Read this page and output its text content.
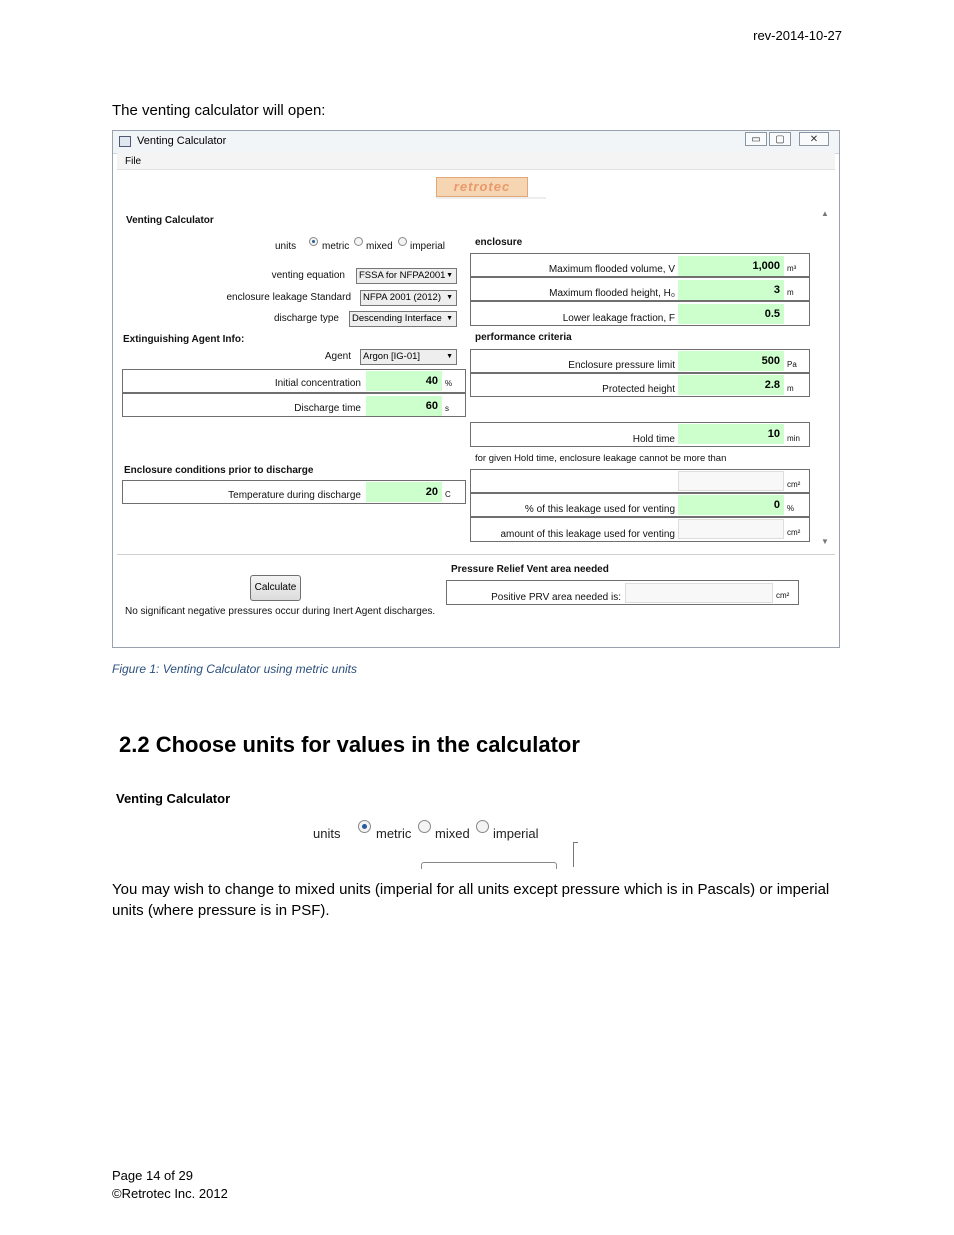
rev-2014-10-27
The venting calculator will open:
Venting Calculator	▭	▢	✕
File
retrotec
▲
▼
Venting Calculator
units	metric mixed imperial
venting equation	FSSA for NFPA2001 ▼
enclosure leakage Standard	NFPA 2001 (2012) ▼
discharge type	Descending Interface ▼
Extinguishing Agent Info:
Agent	Argon [IG-01] ▼
Initial concentration	40 %
Discharge time	60 s
Enclosure conditions prior to discharge
Temperature during discharge	20 C
enclosure
Maximum flooded volume, V	1,000 m³
Maximum flooded height, H₀	3 m
Lower leakage fraction, F	0.5
performance criteria
Enclosure pressure limit	500 Pa
Protected height	2.8 m
Hold time	10 min
for given Hold time, enclosure leakage cannot be more than
cm²
% of this leakage used for venting	0 %
amount of this leakage used for venting	cm²
Calculate
No significant negative pressures occur during Inert Agent discharges.
Pressure Relief Vent area needed
Positive PRV area needed is:	cm²
Figure 1: Venting Calculator using metric units
2.2 Choose units for values in the calculator
Venting Calculator
units	metric mixed imperial
You may wish to change to mixed units (imperial for all units except pressure which is in Pascals) or imperial units (where pressure is in PSF).
Page 14 of 29
©Retrotec Inc. 2012
